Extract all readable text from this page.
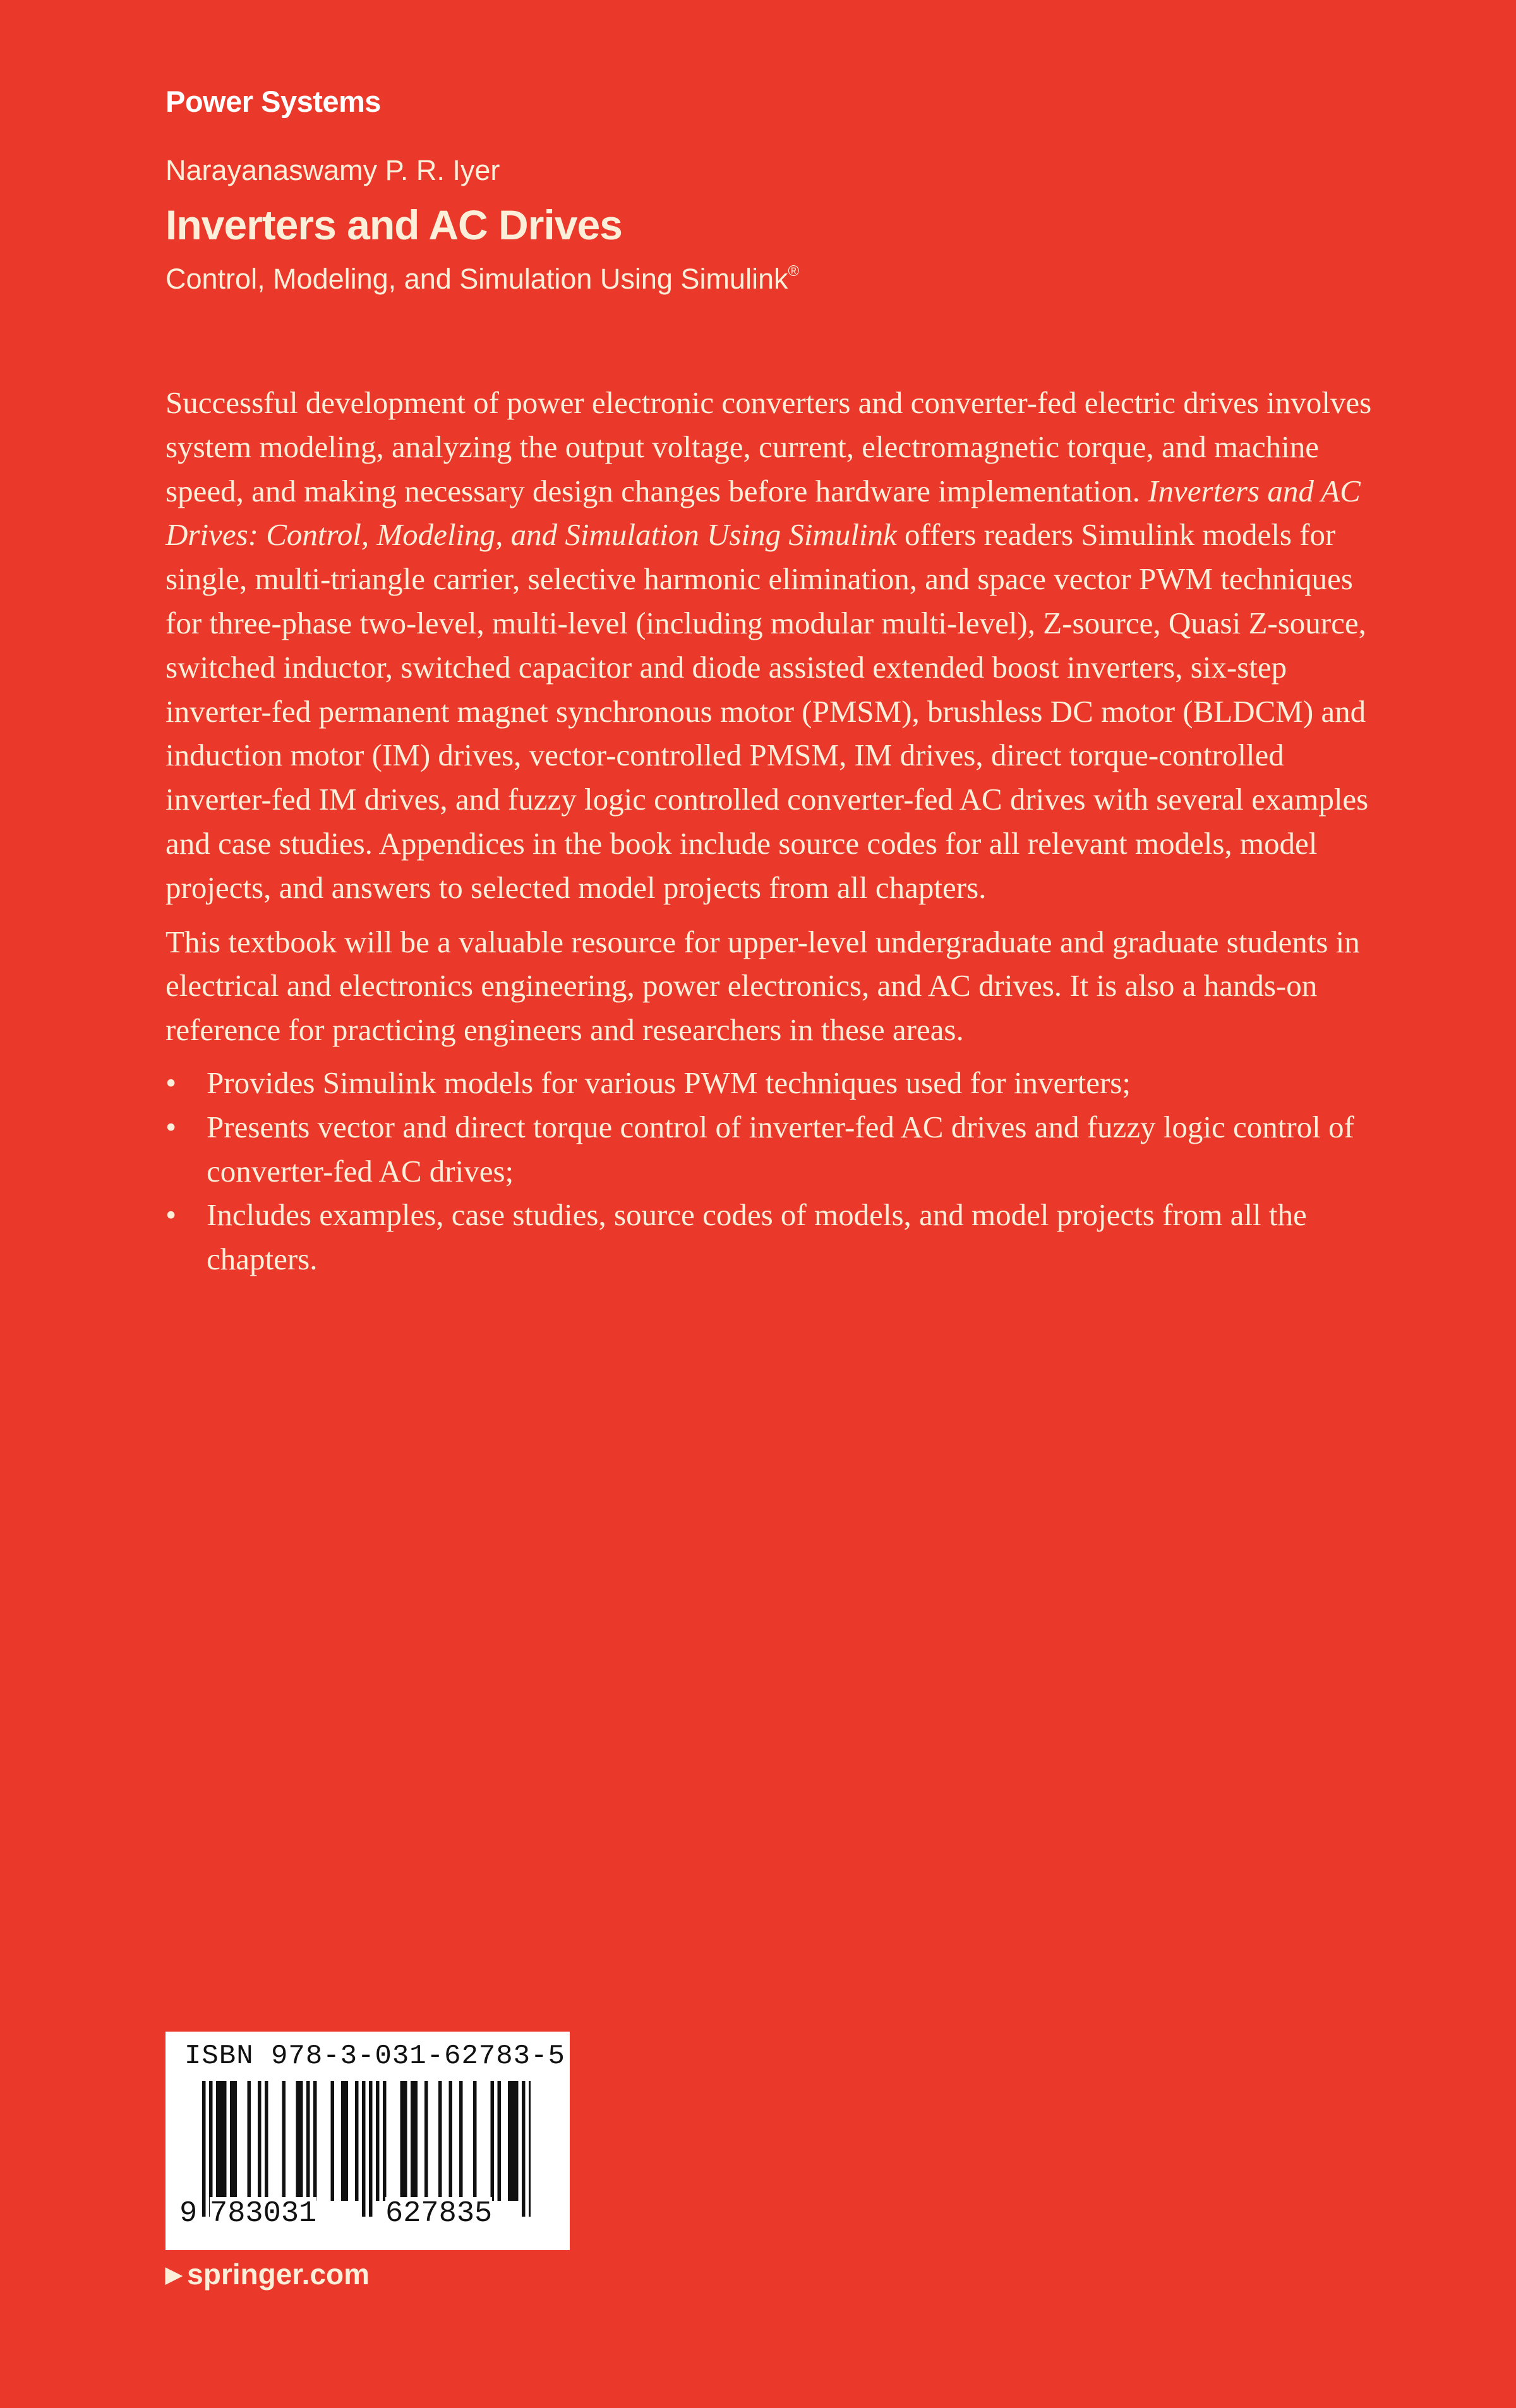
Power Systems
Narayanaswamy P. R. Iyer
Inverters and AC Drives
Control, Modeling, and Simulation Using Simulink®

Successful development of power electronic converters and converter-fed electric drives involves system modeling, analyzing the output voltage, current, electromagnetic torque, and machine speed, and making necessary design changes before hardware implementation. Inverters and AC Drives: Control, Modeling, and Simulation Using Simulink offers readers Simulink models for single, multi-triangle carrier, selective harmonic elimination, and space vector PWM techniques for three-phase two-level, multi-level (including modular multi-level), Z-source, Quasi Z-source, switched inductor, switched capacitor and diode assisted extended boost inverters, six-step inverter-fed permanent magnet synchronous motor (PMSM), brushless DC motor (BLDCM) and induction motor (IM) drives, vector-controlled PMSM, IM drives, direct torque-controlled inverter-fed IM drives, and fuzzy logic controlled converter-fed AC drives with several examples and case studies. Appendices in the book include source codes for all relevant models, model projects, and answers to selected model projects from all chapters.

This textbook will be a valuable resource for upper-level undergraduate and graduate students in electrical and electronics engineering, power electronics, and AC drives. It is also a hands-on reference for practicing engineers and researchers in these areas.

• Provides Simulink models for various PWM techniques used for inverters;
• Presents vector and direct torque control of inverter-fed AC drives and fuzzy logic control of converter-fed AC drives;
• Includes examples, case studies, source codes of models, and model projects from all the chapters.
ISBN 978-3-031-62783-5
9 783031 627835
▶ springer.com
